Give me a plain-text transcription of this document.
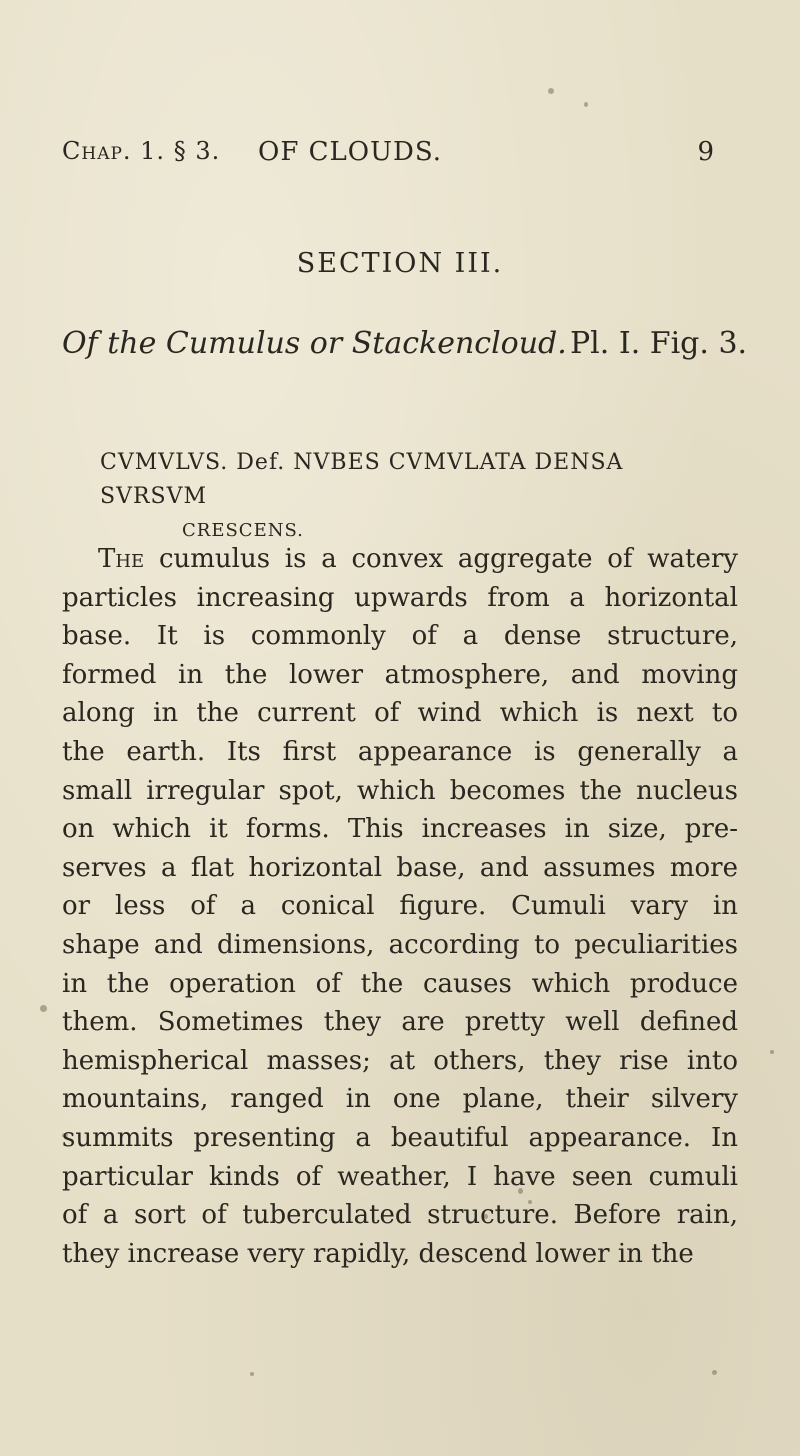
Chap. 1. § 3. OF CLOUDS.	9
SECTION III.
Of the Cumulus or Stackencloud. Pl. I. Fig. 3.
CVMVLVS. Def. NVBES CVMVLATA DENSA SVRSVM
CRESCENS.
The cumulus is a convex aggregate of watery
particles increasing upwards from a horizontal
base. It is commonly of a dense structure,
formed in the lower atmosphere, and moving
along in the current of wind which is next to
the earth. Its first appearance is generally a
small irregular spot, which becomes the nucleus
on which it forms. This increases in size, pre-
serves a flat horizontal base, and assumes more
or less of a conical figure. Cumuli vary in
shape and dimensions, according to peculiarities
in the operation of the causes which produce
them. Sometimes they are pretty well defined
hemispherical masses; at others, they rise into
mountains, ranged in one plane, their silvery
summits presenting a beautiful appearance. In
particular kinds of weather, I have seen cumuli
of a sort of tuberculated structure. Before rain,
they increase very rapidly, descend lower in the
